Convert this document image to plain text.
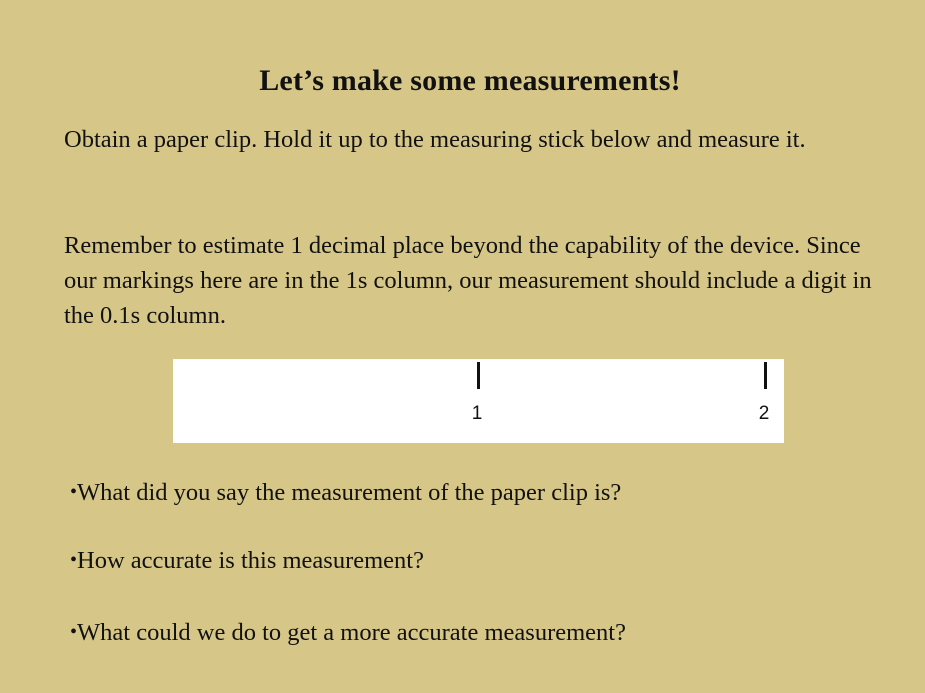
Let’s make some measurements!
Obtain a paper clip. Hold it up to the measuring stick below and measure it.
Remember to estimate 1 decimal place beyond the capability of the device. Since our markings here are in the 1s column, our measurement should include a digit in the 0.1s column.
1	2
•What did you say the measurement of the paper clip is?
•How accurate is this measurement?
•What could we do to get a more accurate measurement?
